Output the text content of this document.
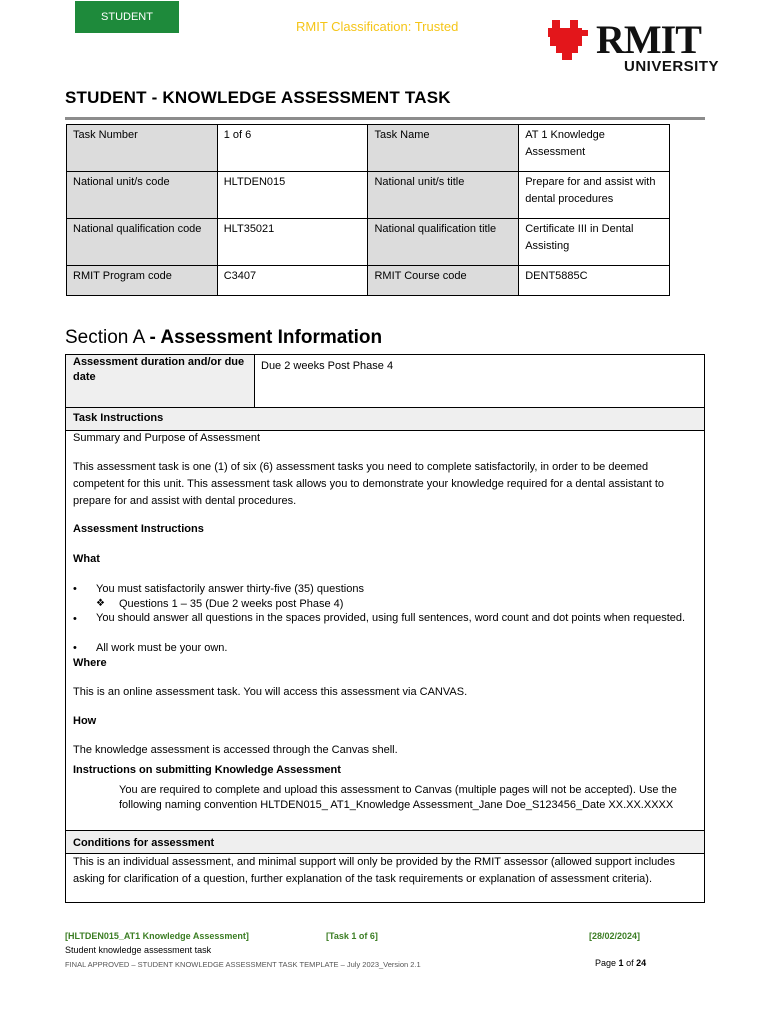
STUDENT
RMIT Classification: Trusted	RMIT
UNIVERSITY
STUDENT - KNOWLEDGE ASSESSMENT TASK
Task Number	1 of 6	Task Name	AT 1 Knowledge Assessment
National unit/s code	HLTDEN015	National unit/s title	Prepare for and assist with dental procedures
National qualification code	HLT35021	National qualification title	Certificate III in Dental Assisting
RMIT Program code	C3407	RMIT Course code	DENT5885C
Section A - Assessment Information
Assessment duration and/or due date
Due 2 weeks Post Phase 4
Task Instructions
Summary and Purpose of Assessment
This assessment task is one (1) of six (6) assessment tasks you need to complete satisfactorily, in order to be deemed competent for this unit. This assessment task allows you to demonstrate your knowledge required for a dental assistant to prepare for and assist with dental procedures.
Assessment Instructions
What
• You must satisfactorily answer thirty-five (35) questions
❖ Questions 1 – 35 (Due 2 weeks post Phase 4)
• You should answer all questions in the spaces provided, using full sentences, word count and dot points when requested.
• All work must be your own.
Where
This is an online assessment task. You will access this assessment via CANVAS.
How
The knowledge assessment is accessed through the Canvas shell.
Instructions on submitting Knowledge Assessment
You are required to complete and upload this assessment to Canvas (multiple pages will not be accepted). Use the following naming convention HLTDEN015_ AT1_Knowledge Assessment_Jane Doe_S123456_Date XX.XX.XXXX
Conditions for assessment
This is an individual assessment, and minimal support will only be provided by the RMIT assessor (allowed support includes asking for clarification of a question, further explanation of the task requirements or explanation of assessment criteria).
[HLTDEN015_AT1 Knowledge Assessment]	[Task 1 of 6]	[28/02/2024]
Student knowledge assessment task
FINAL APPROVED – STUDENT KNOWLEDGE ASSESSMENT TASK TEMPLATE – July 2023_Version 2.1	Page 1 of 24
